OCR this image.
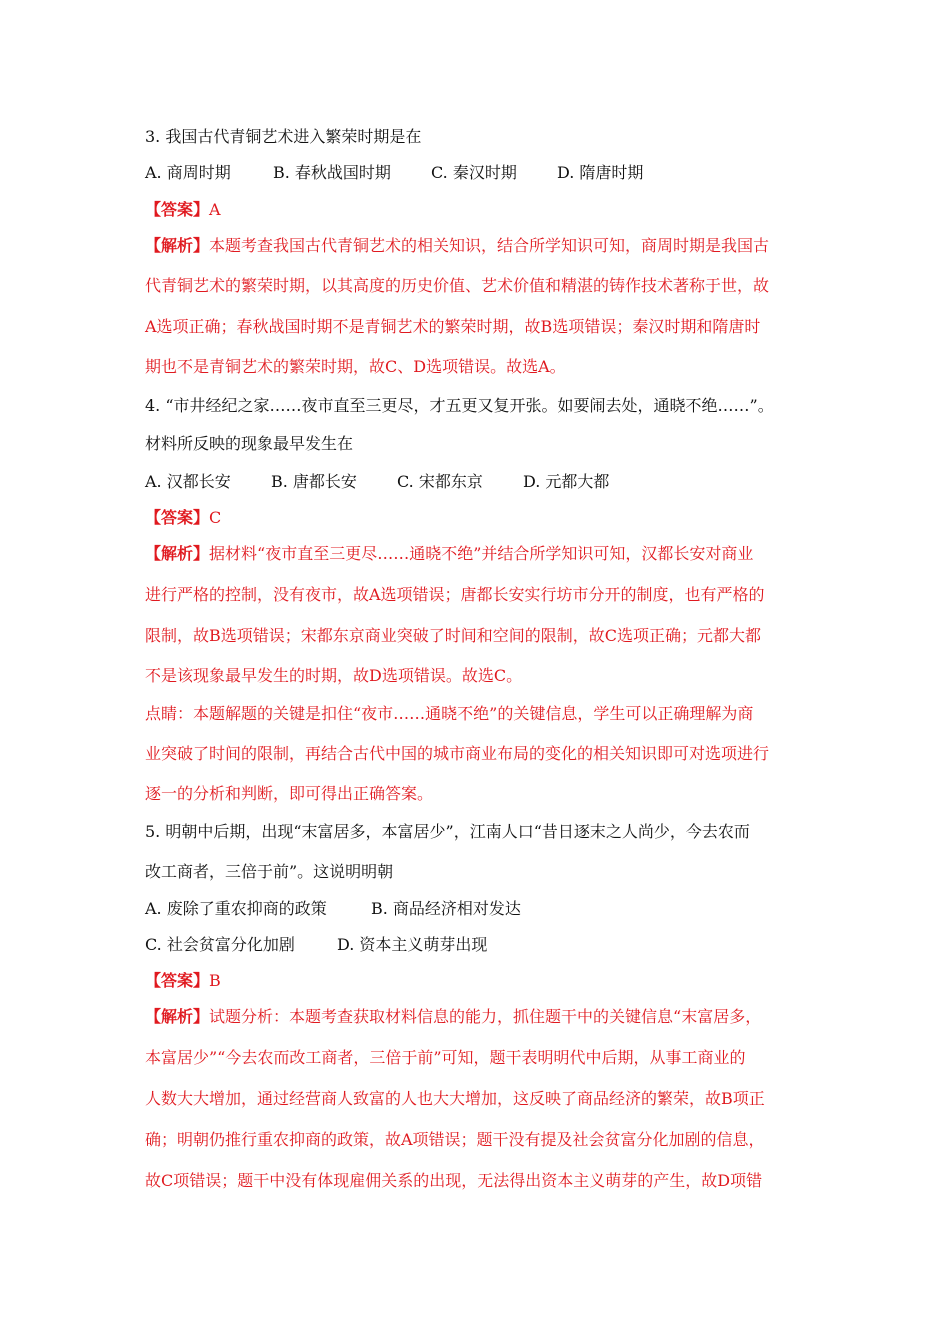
3. 我国古代青铜艺术进入繁荣时期是在
A. 商周时期	B. 春秋战国时期	C. 秦汉时期	D. 隋唐时期
【答案】A
【解析】本题考查我国古代青铜艺术的相关知识，结合所学知识可知，商周时期是我国古
代青铜艺术的繁荣时期，以其高度的历史价值、艺术价值和精湛的铸作技术著称于世，故
A选项正确；春秋战国时期不是青铜艺术的繁荣时期，故B选项错误；秦汉时期和隋唐时
期也不是青铜艺术的繁荣时期，故C、D选项错误。故选A。
4. “市井经纪之家……夜市直至三更尽，才五更又复开张。如要闹去处，通晓不绝……”。
材料所反映的现象最早发生在
A. 汉都长安	B. 唐都长安	C. 宋都东京	D. 元都大都
【答案】C
【解析】据材料“夜市直至三更尽……通晓不绝”并结合所学知识可知，汉都长安对商业
进行严格的控制，没有夜市，故A选项错误；唐都长安实行坊市分开的制度，也有严格的
限制，故B选项错误；宋都东京商业突破了时间和空间的限制，故C选项正确；元都大都
不是该现象最早发生的时期，故D选项错误。故选C。
点睛：本题解题的关键是扣住“夜市……通晓不绝”的关键信息，学生可以正确理解为商
业突破了时间的限制，再结合古代中国的城市商业布局的变化的相关知识即可对选项进行
逐一的分析和判断，即可得出正确答案。
5. 明朝中后期，出现“末富居多，本富居少”，江南人口“昔日逐末之人尚少，今去农而
改工商者，三倍于前”。这说明明朝
A. 废除了重农抑商的政策	B. 商品经济相对发达
C. 社会贫富分化加剧	D. 资本主义萌芽出现
【答案】B
【解析】试题分析：本题考查获取材料信息的能力，抓住题干中的关键信息“末富居多，
本富居少”“今去农而改工商者，三倍于前”可知，题干表明明代中后期，从事工商业的
人数大大增加，通过经营商人致富的人也大大增加，这反映了商品经济的繁荣，故B项正
确；明朝仍推行重农抑商的政策，故A项错误；题干没有提及社会贫富分化加剧的信息，
故C项错误；题干中没有体现雇佣关系的出现，无法得出资本主义萌芽的产生，故D项错
